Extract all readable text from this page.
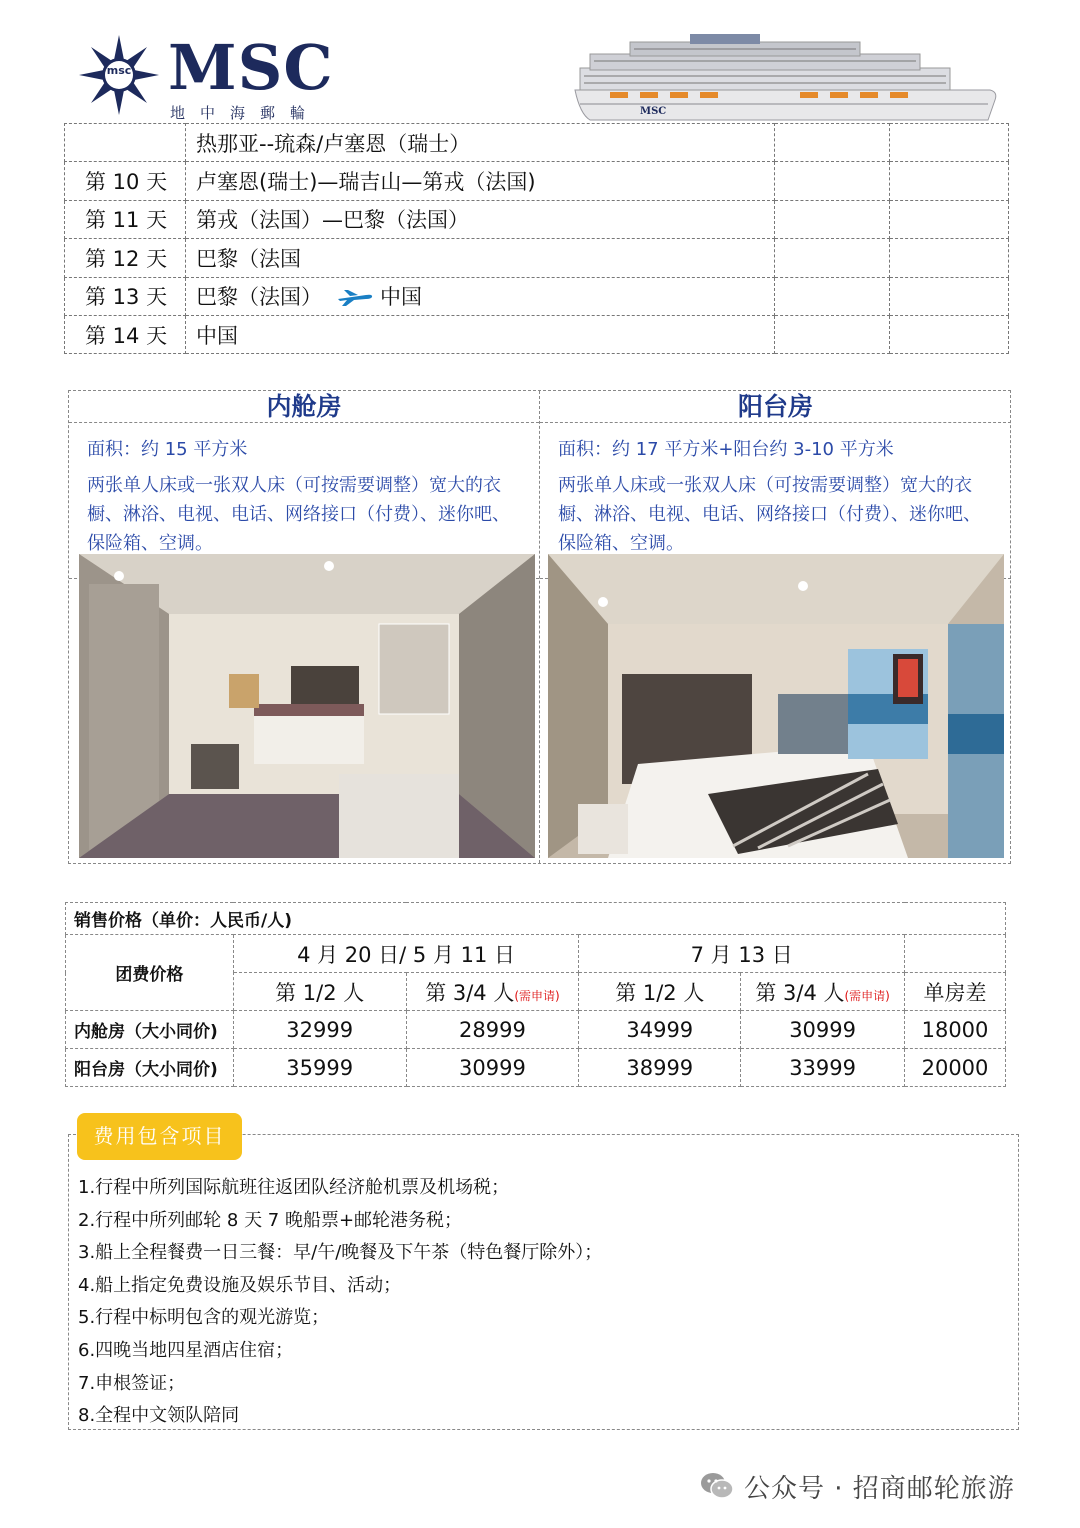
msc MSC
地中海郵輪	MSC
	热那亚--琉森/卢塞恩（瑞士）		
第 10 天	卢塞恩(瑞士)—瑞吉山—第戎（法国)		
第 11 天	第戎（法国）—巴黎（法国）		
第 12 天	巴黎（法国		
第 13 天	巴黎（法国） 中国		
第 14 天	中国		
内舱房
面积：约 15 平方米
两张单人床或一张双人床（可按需要调整）宽大的衣橱、淋浴、电视、电话、网络接口（付费）、迷你吧、保险箱、空调。
阳台房
面积：约 17 平方米+阳台约 3-10 平方米
两张单人床或一张双人床（可按需要调整）宽大的衣橱、淋浴、电视、电话、网络接口（付费）、迷你吧、保险箱、空调。
销售价格（单价：人民币/人)					
团费价格	4 月 20 日/ 5 月 11 日		7 月 13 日		
	第 1/2 人	第 3/4 人(需申请)	第 1/2 人	第 3/4 人(需申请)	单房差
内舱房（大小同价)	32999	28999	34999	30999	18000
阳台房（大小同价)	35999	30999	38999	33999	20000
费用包含项目
1.行程中所列国际航班往返团队经济舱机票及机场税；
2.行程中所列邮轮 8 天 7 晚船票+邮轮港务税；
3.船上全程餐费一日三餐：早/午/晚餐及下午茶（特色餐厅除外）；
4.船上指定免费设施及娱乐节目、活动；
5.行程中标明包含的观光游览；
6.四晚当地四星酒店住宿；
7.申根签证；
8.全程中文领队陪同
公众号 · 招商邮轮旅游
